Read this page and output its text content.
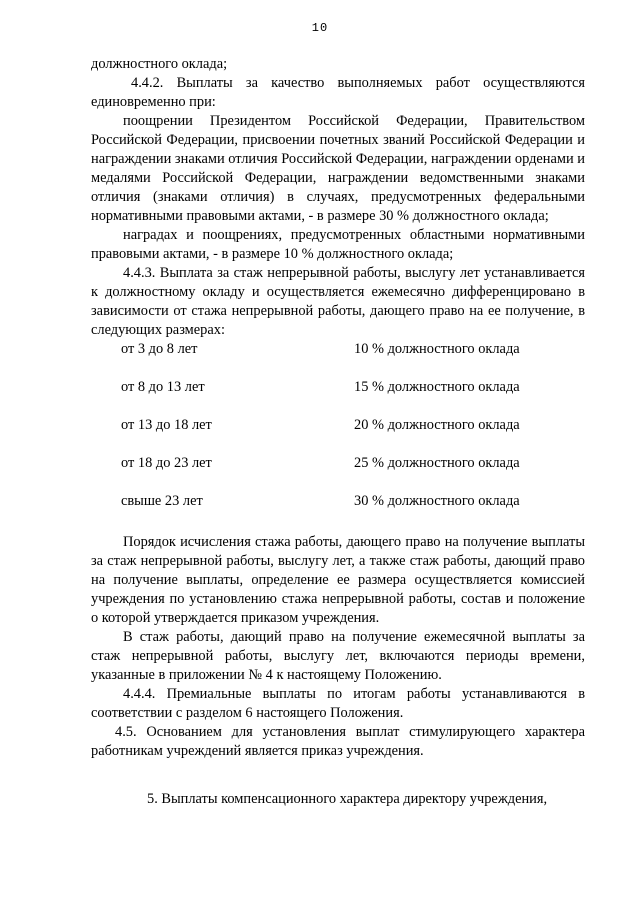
10

должностного оклада;

4.4.2. Выплаты за качество выполняемых работ осуществляются единовременно при:

поощрении Президентом Российской Федерации, Правительством Российской Федерации, присвоении почетных званий Российской Федерации и награждении знаками отличия Российской Федерации, награждении орденами и медалями Российской Федерации, награждении ведомственными знаками отличия (знаками отличия) в случаях, предусмотренных федеральными нормативными правовыми актами, - в размере 30 % должностного оклада;

наградах и поощрениях, предусмотренных областными нормативными правовыми актами, - в размере 10 % должностного оклада;

4.4.3. Выплата за стаж непрерывной работы, выслугу лет устанавливается к должностному окладу и осуществляется ежемесячно дифференцировано в зависимости от стажа непрерывной работы, дающего право на ее получение, в следующих размерах:

от 3 до 8 лет	10 % должностного оклада

от 8 до 13 лет	15 % должностного оклада

от 13 до 18 лет	20 % должностного оклада

от 18 до 23 лет	25 % должностного оклада

свыше 23 лет	30 % должностного оклада

Порядок исчисления стажа работы, дающего право на получение выплаты за стаж непрерывной работы, выслугу лет, а также стаж работы, дающий право на получение выплаты, определение ее размера осуществляется комиссией учреждения по установлению стажа непрерывной работы, состав и положение о которой утверждается приказом учреждения.

В стаж работы, дающий право на получение ежемесячной выплаты за стаж непрерывной работы, выслугу лет, включаются периоды времени, указанные в приложении № 4 к настоящему Положению.

4.4.4. Премиальные выплаты по итогам работы устанавливаются в соответствии с разделом 6 настоящего Положения.

4.5. Основанием для установления выплат стимулирующего характера работникам учреждений является приказ учреждения.

5. Выплаты компенсационного характера директору учреждения,
